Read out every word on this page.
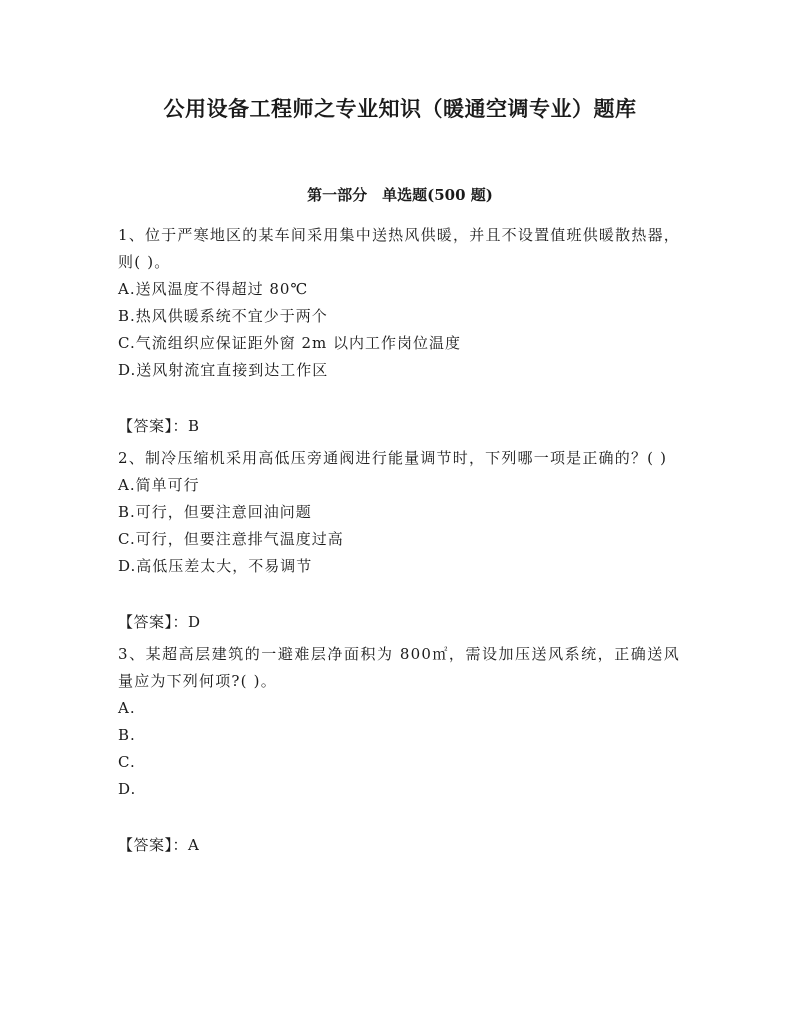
公用设备工程师之专业知识（暖通空调专业）题库
第一部分　单选题(500 题)

1、位于严寒地区的某车间采用集中送热风供暖，并且不设置值班供暖散热器，则( )。

A.送风温度不得超过 80℃

B.热风供暖系统不宜少于两个

C.气流组织应保证距外窗 2m 以内工作岗位温度

D.送风射流宜直接到达工作区

【答案】：B

2、制冷压缩机采用高低压旁通阀进行能量调节时，下列哪一项是正确的？( )

A.简单可行

B.可行，但要注意回油问题

C.可行，但要注意排气温度过高

D.高低压差太大，不易调节

【答案】：D

3、某超高层建筑的一避难层净面积为 800㎡，需设加压送风系统，正确送风量应为下列何项?( )。

A.

B.

C.

D.

【答案】：A
